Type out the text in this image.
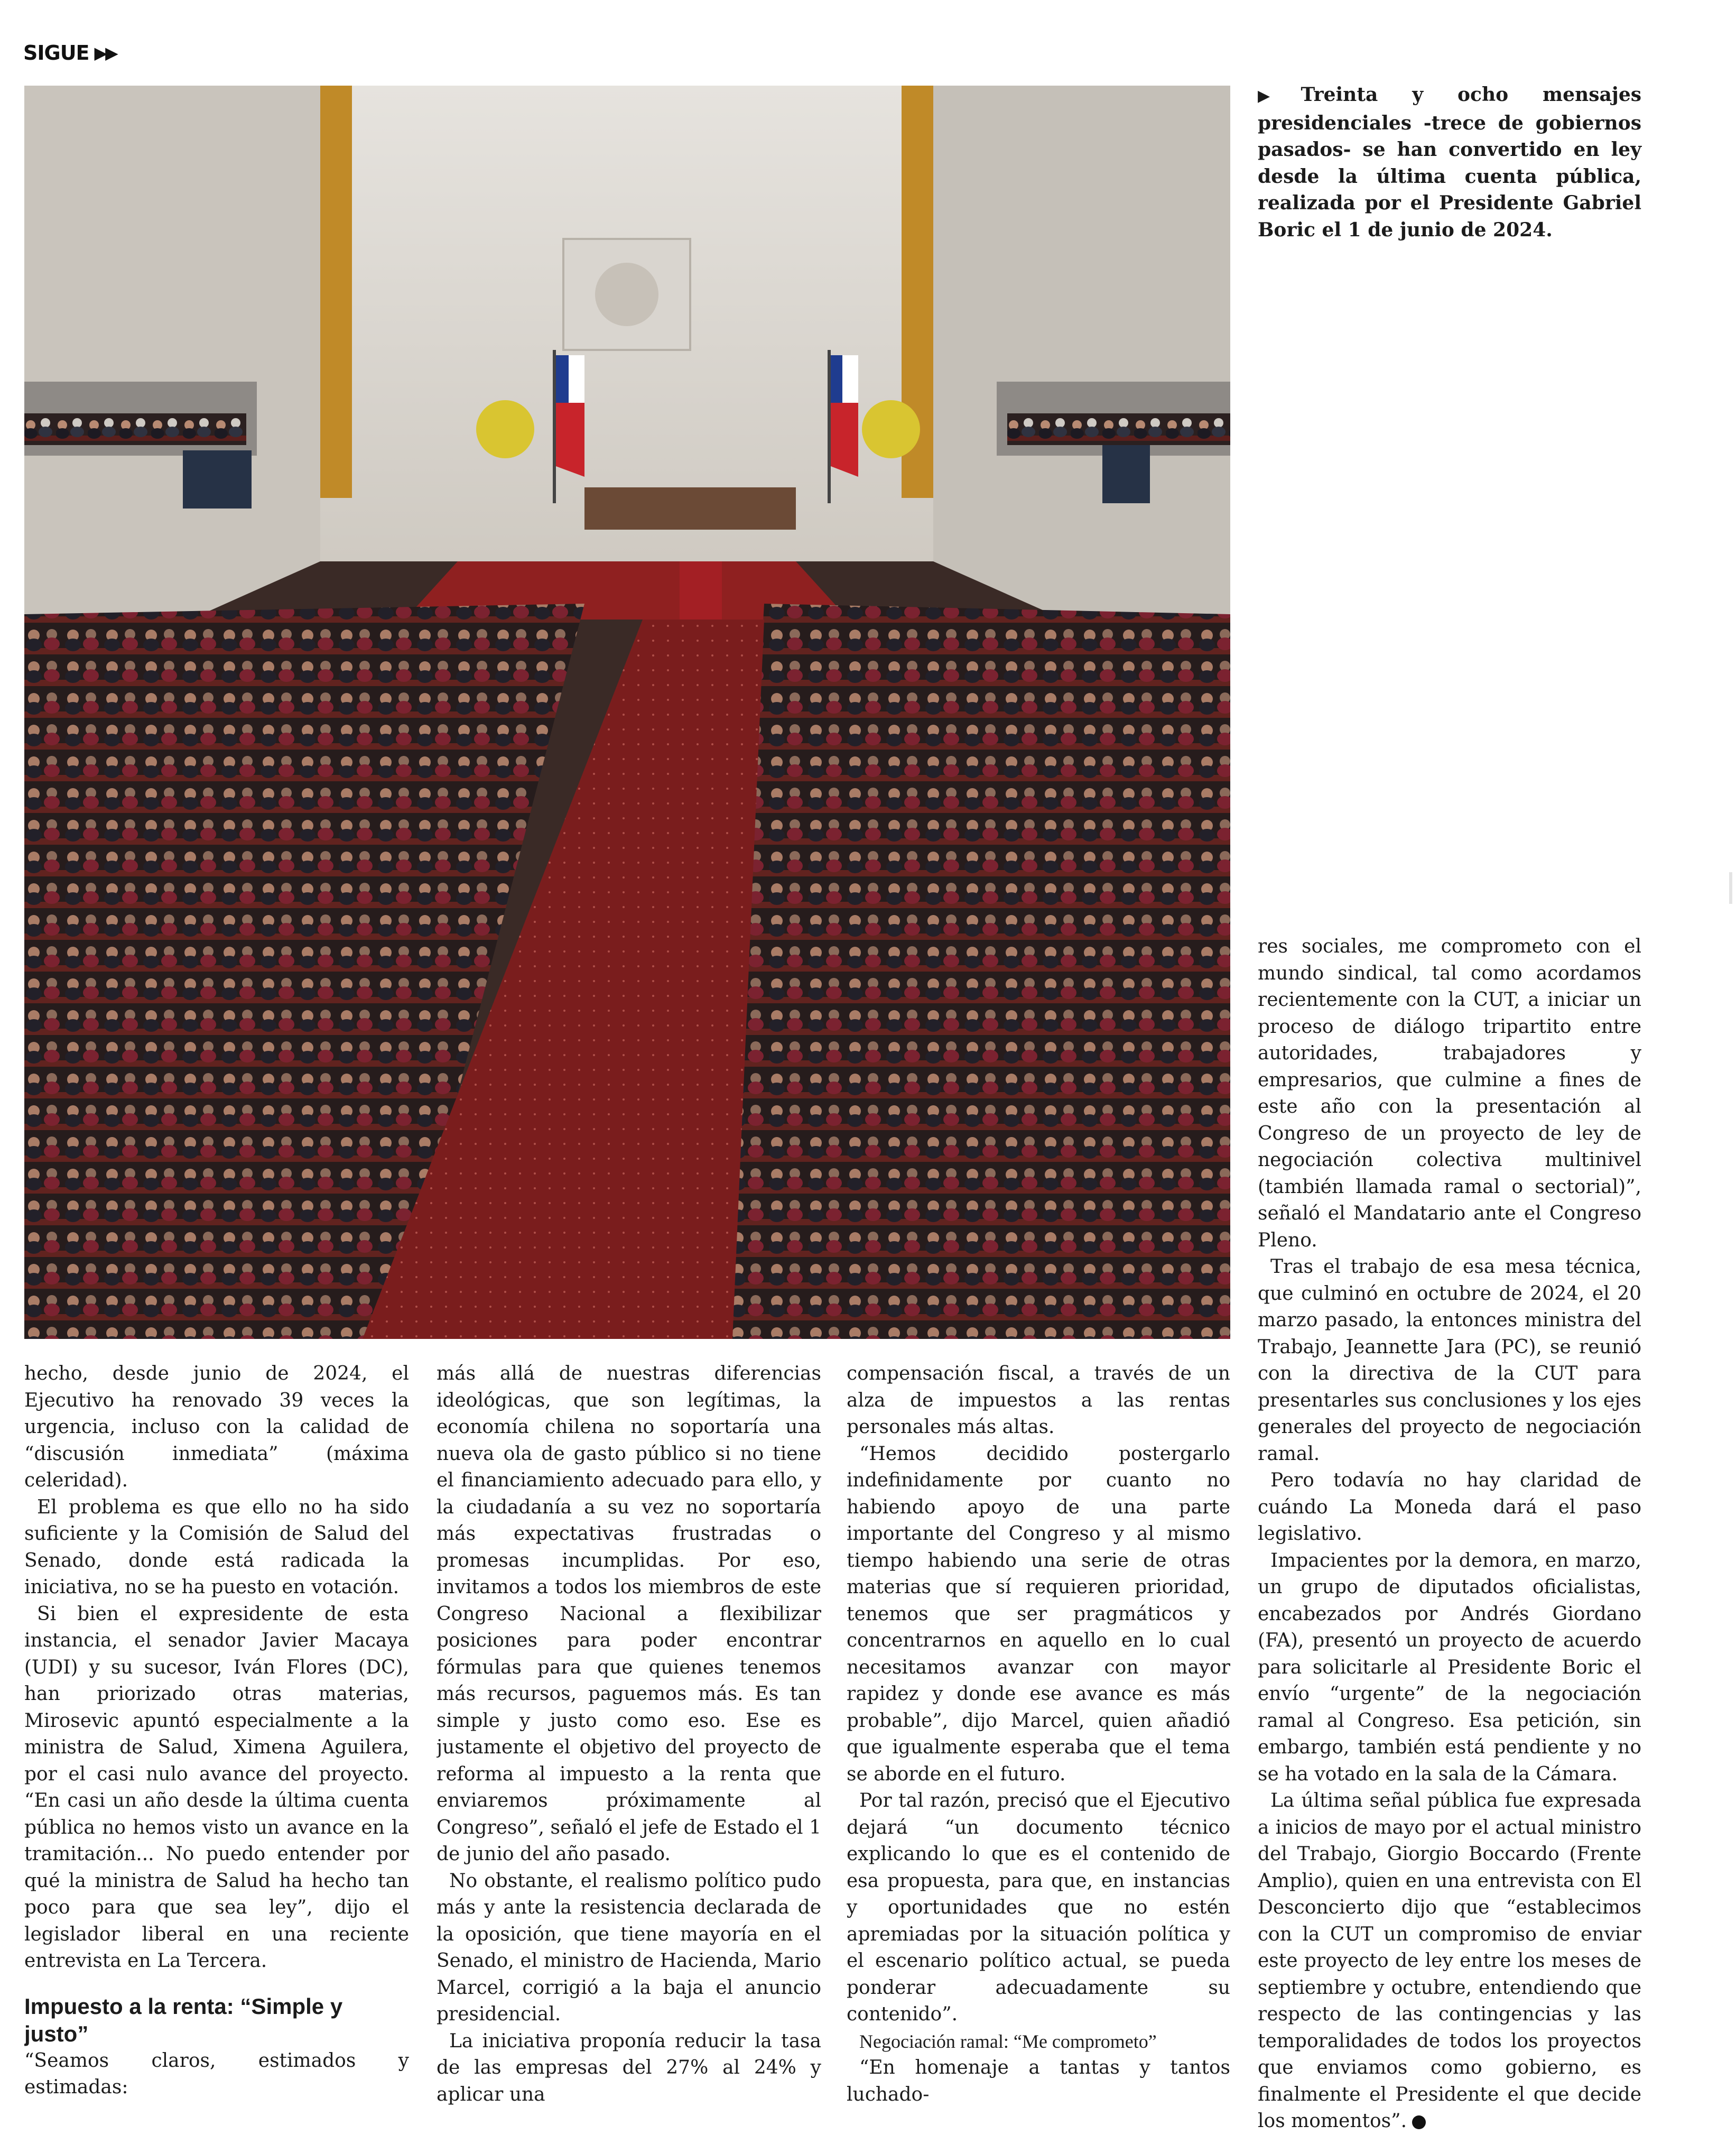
SIGUE ▶▶
▶ Treinta y ocho mensajes presidenciales -trece de gobiernos pasados- se han convertido en ley desde la última cuenta pública, realizada por el Presidente Gabriel Boric el 1 de junio de 2024.

hecho, desde junio de 2024, el Ejecutivo ha renovado 39 veces la urgencia, incluso con la calidad de “discusión inmediata” (máxima celeridad).

El problema es que ello no ha sido suficiente y la Comisión de Salud del Senado, donde está radicada la iniciativa, no se ha puesto en votación.

Si bien el expresidente de esta instancia, el senador Javier Macaya (UDI) y su sucesor, Iván Flores (DC), han priorizado otras materias, Mirosevic apuntó especialmente a la ministra de Salud, Ximena Aguilera, por el casi nulo avance del proyecto. “En casi un año desde la última cuenta pública no hemos visto un avance en la tramitación... No puedo entender por qué la ministra de Salud ha hecho tan poco para que sea ley”, dijo el legislador liberal en una reciente entrevista en La Tercera.

Impuesto a la renta: “Simple y justo”

“Seamos claros, estimados y estimadas:

más allá de nuestras diferencias ideológicas, que son legítimas, la economía chilena no soportaría una nueva ola de gasto público si no tiene el financiamiento adecuado para ello, y la ciudadanía a su vez no soportaría más expectativas frustradas o promesas incumplidas. Por eso, invitamos a todos los miembros de este Congreso Nacional a flexibilizar posiciones para poder encontrar fórmulas para que quienes tenemos más recursos, paguemos más. Es tan simple y justo como eso. Ese es justamente el objetivo del proyecto de reforma al impuesto a la renta que enviaremos próximamente al Congreso”, señaló el jefe de Estado el 1 de junio del año pasado.

No obstante, el realismo político pudo más y ante la resistencia declarada de la oposición, que tiene mayoría en el Senado, el ministro de Hacienda, Mario Marcel, corrigió a la baja el anuncio presidencial.

La iniciativa proponía reducir la tasa de las empresas del 27% al 24% y aplicar una

compensación fiscal, a través de un alza de impuestos a las rentas personales más altas.

“Hemos decidido postergarlo indefinidamente por cuanto no habiendo apoyo de una parte importante del Congreso y al mismo tiempo habiendo una serie de otras materias que sí requieren prioridad, tenemos que ser pragmáticos y concentrarnos en aquello en lo cual necesitamos avanzar con mayor rapidez y donde ese avance es más probable”, dijo Marcel, quien añadió que igualmente esperaba que el tema se aborde en el futuro.

Por tal razón, precisó que el Ejecutivo dejará “un documento técnico explicando lo que es el contenido de esa propuesta, para que, en instancias y oportunidades que no estén apremiadas por la situación política y el escenario político actual, se pueda ponderar adecuadamente su contenido”.

Negociación ramal: “Me comprometo”

“En homenaje a tantas y tantos luchado-

res sociales, me comprometo con el mundo sindical, tal como acordamos recientemente con la CUT, a iniciar un proceso de diálogo tripartito entre autoridades, trabajadores y empresarios, que culmine a fines de este año con la presentación al Congreso de un proyecto de ley de negociación colectiva multinivel (también llamada ramal o sectorial)”, señaló el Mandatario ante el Congreso Pleno.

Tras el trabajo de esa mesa técnica, que culminó en octubre de 2024, el 20 marzo pasado, la entonces ministra del Trabajo, Jeannette Jara (PC), se reunió con la directiva de la CUT para presentarles sus conclusiones y los ejes generales del proyecto de negociación ramal.

Pero todavía no hay claridad de cuándo La Moneda dará el paso legislativo.

Impacientes por la demora, en marzo, un grupo de diputados oficialistas, encabezados por Andrés Giordano (FA), presentó un proyecto de acuerdo para solicitarle al Presidente Boric el envío “urgente” de la negociación ramal al Congreso. Esa petición, sin embargo, también está pendiente y no se ha votado en la sala de la Cámara.

La última señal pública fue expresada a inicios de mayo por el actual ministro del Trabajo, Giorgio Boccardo (Frente Amplio), quien en una entrevista con El Desconcierto dijo que “establecimos con la CUT un compromiso de enviar este proyecto de ley entre los meses de septiembre y octubre, entendiendo que respecto de las contingencias y las temporalidades de todos los proyectos que enviamos como gobierno, es finalmente el Presidente el que decide los momentos”.
